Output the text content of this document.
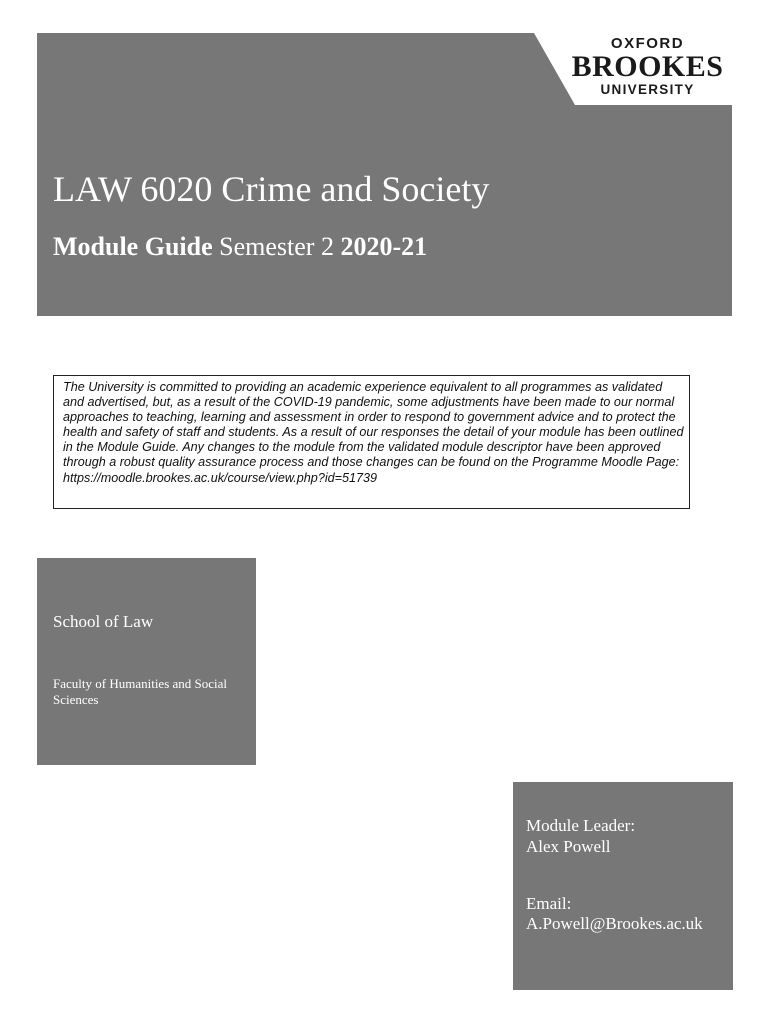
OXFORD
BROOKES
UNIVERSITY
LAW 6020 Crime and Society
Module Guide Semester 2 2020-21
The University is committed to providing an academic experience equivalent to all programmes as validated and advertised, but, as a result of the COVID-19 pandemic, some adjustments have been made to our normal approaches to teaching, learning and assessment in order to respond to government advice and to protect the health and safety of staff and students. As a result of our responses the detail of your module has been outlined in the Module Guide. Any changes to the module from the validated module descriptor have been approved through a robust quality assurance process and those changes can be found on the Programme Moodle Page: https://moodle.brookes.ac.uk/course/view.php?id=51739
School of Law
Faculty of Humanities and Social Sciences
Module Leader:
Alex Powell
Email:
A.Powell@Brookes.ac.uk
